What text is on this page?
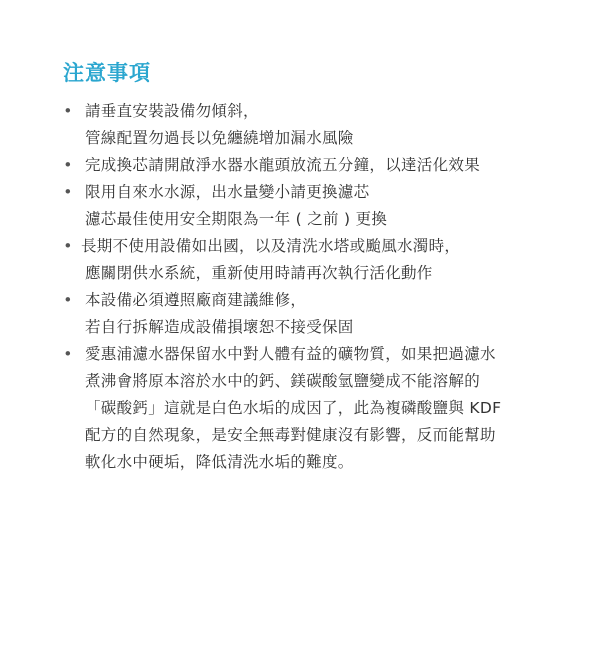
注意事項
• 請垂直安裝設備勿傾斜，
管線配置勿過長以免纏繞增加漏水風險
• 完成換芯請開啟淨水器水龍頭放流五分鐘，以達活化效果
• 限用自來水水源，出水量變小請更換濾芯
濾芯最佳使用安全期限為一年 ( 之前 ) 更換
• 長期不使用設備如出國，以及清洗水塔或颱風水濁時，
應關閉供水系統，重新使用時請再次執行活化動作
• 本設備必須遵照廠商建議維修，
若自行拆解造成設備損壞恕不接受保固
• 愛惠浦濾水器保留水中對人體有益的礦物質，如果把過濾水
煮沸會將原本溶於水中的鈣、鎂碳酸氫鹽變成不能溶解的
「碳酸鈣」這就是白色水垢的成因了，此為複磷酸鹽與 KDF
配方的自然現象，是安全無毒對健康沒有影響，反而能幫助
軟化水中硬垢，降低清洗水垢的難度。
